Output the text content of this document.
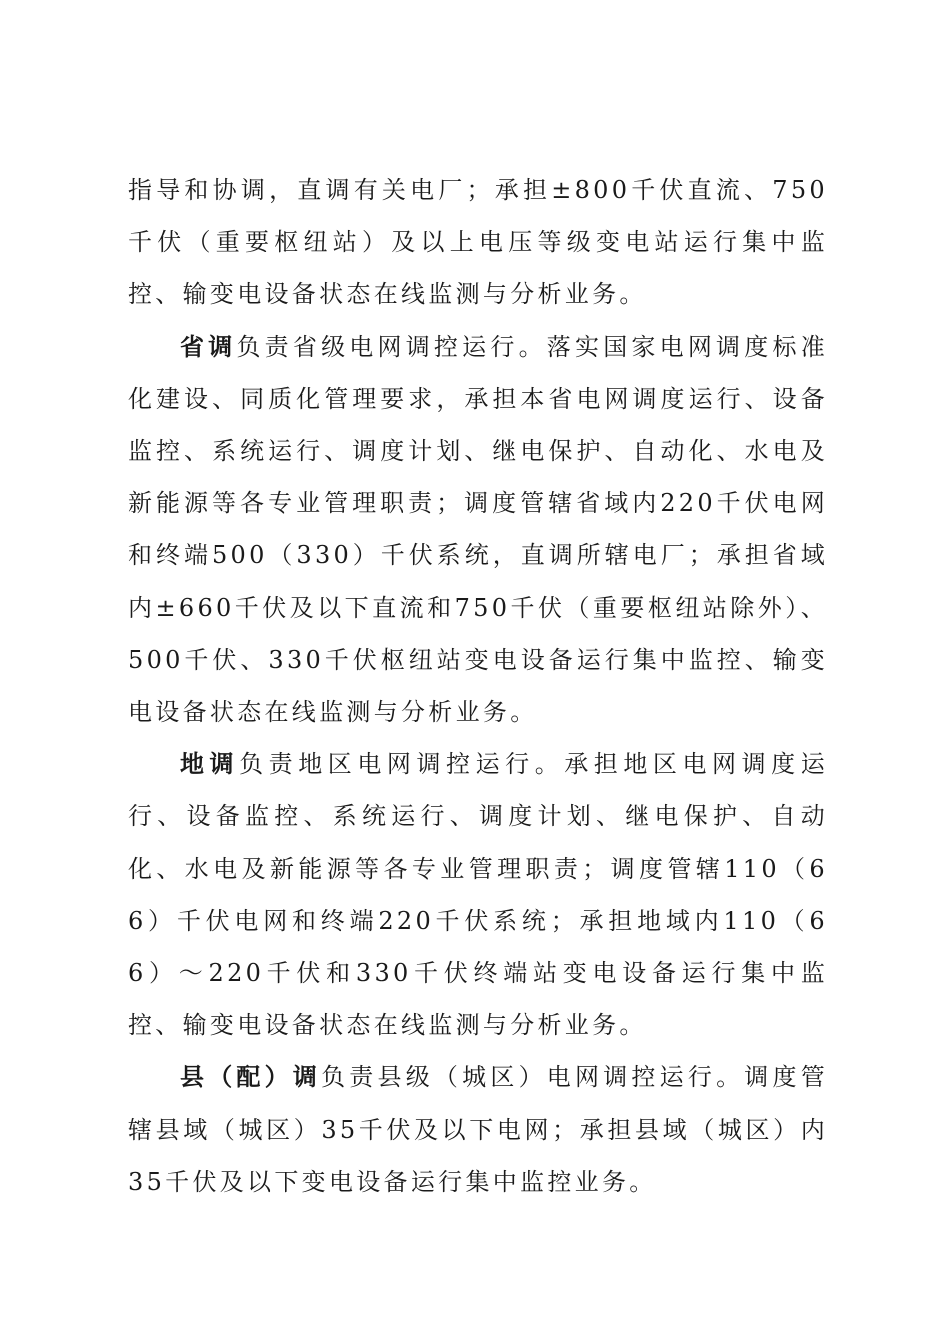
指导和协调，直调有关电厂；承担±800千伏直流、750千伏（重要枢纽站）及以上电压等级变电站运行集中监控、输变电设备状态在线监测与分析业务。

省调负责省级电网调控运行。落实国家电网调度标准化建设、同质化管理要求，承担本省电网调度运行、设备监控、系统运行、调度计划、继电保护、自动化、水电及新能源等各专业管理职责；调度管辖省域内220千伏电网和终端500（330）千伏系统，直调所辖电厂；承担省域内±660千伏及以下直流和750千伏（重要枢纽站除外）、500千伏、330千伏枢纽站变电设备运行集中监控、输变电设备状态在线监测与分析业务。

地调负责地区电网调控运行。承担地区电网调度运行、设备监控、系统运行、调度计划、继电保护、自动化、水电及新能源等各专业管理职责；调度管辖110（66）千伏电网和终端220千伏系统；承担地域内110（66）～220千伏和330千伏终端站变电设备运行集中监控、输变电设备状态在线监测与分析业务。

县（配）调负责县级（城区）电网调控运行。调度管辖县域（城区）35千伏及以下电网；承担县域（城区）内35千伏及以下变电设备运行集中监控业务。
